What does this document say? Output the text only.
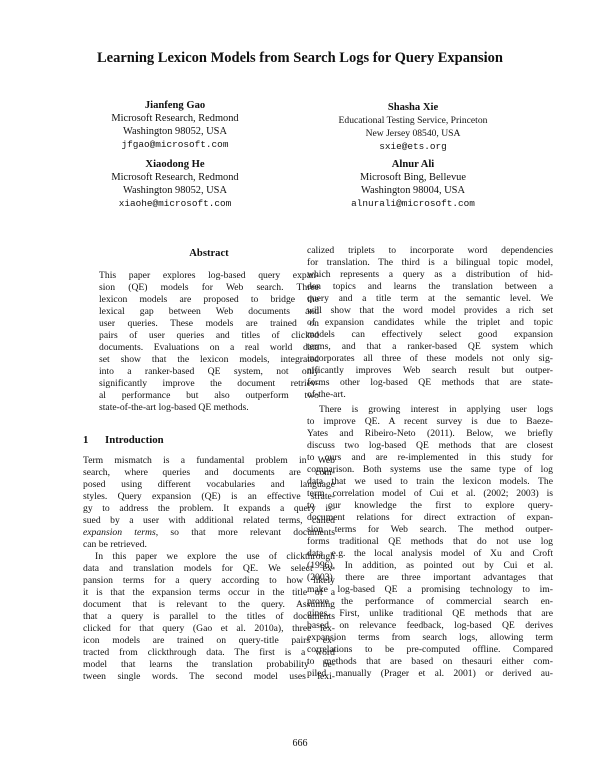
Learning Lexicon Models from Search Logs for Query Expansion
Jianfeng Gao
Microsoft Research, Redmond
Washington 98052, USA
jfgao@microsoft.com
Shasha Xie
Educational Testing Service, Princeton
New Jersey 08540, USA
sxie@ets.org
Xiaodong He
Microsoft Research, Redmond
Washington 98052, USA
xiaohe@microsoft.com
Alnur Ali
Microsoft Bing, Bellevue
Washington 98004, USA
alnurali@microsoft.com
Abstract
This paper explores log-based query expan-
sion (QE) models for Web search. Three
lexicon models are proposed to bridge the
lexical gap between Web documents and
user queries. These models are trained on
pairs of user queries and titles of clicked
documents. Evaluations on a real world data
set show that the lexicon models, integrated
into a ranker-based QE system, not only
significantly improve the document retriev-
al performance but also outperform two
state-of-the-art log-based QE methods.
1 Introduction
Term mismatch is a fundamental problem in Web
search, where queries and documents are com-
posed using different vocabularies and language
styles. Query expansion (QE) is an effective strate-
gy to address the problem. It expands a query is-
sued by a user with additional related terms, called
expansion terms, so that more relevant documents
can be retrieved.
In this paper we explore the use of clickthrough
data and translation models for QE. We select ex-
pansion terms for a query according to how likely
it is that the expansion terms occur in the title of a
document that is relevant to the query. Assuming
that a query is parallel to the titles of documents
clicked for that query (Gao et al. 2010a), three lex-
icon models are trained on query-title pairs ex-
tracted from clickthrough data. The first is a word
model that learns the translation probability be-
tween single words. The second model uses lexi-
calized triplets to incorporate word dependencies
for translation. The third is a bilingual topic model,
which represents a query as a distribution of hid-
den topics and learns the translation between a
query and a title term at the semantic level. We
will show that the word model provides a rich set
of expansion candidates while the triplet and topic
models can effectively select good expansion
terms, and that a ranker-based QE system which
incorporates all three of these models not only sig-
nificantly improves Web search result but outper-
forms other log-based QE methods that are state-
of-the-art.
There is growing interest in applying user logs
to improve QE. A recent survey is due to Baeze-
Yates and Ribeiro-Neto (2011). Below, we briefly
discuss two log-based QE methods that are closest
to ours and are re-implemented in this study for
comparison. Both systems use the same type of log
data that we used to train the lexicon models. The
term correlation model of Cui et al. (2002; 2003) is
to our knowledge the first to explore query-
document relations for direct extraction of expan-
sion terms for Web search. The method outper-
forms traditional QE methods that do not use log
data e.g. the local analysis model of Xu and Croft
(1996). In addition, as pointed out by Cui et al.
(2003) there are three important advantages that
make log-based QE a promising technology to im-
prove the performance of commercial search en-
gines. First, unlike traditional QE methods that are
based on relevance feedback, log-based QE derives
expansion terms from search logs, allowing term
correlations to be pre-computed offline. Compared
to methods that are based on thesauri either com-
piled manually (Prager et al. 2001) or derived au-
666
